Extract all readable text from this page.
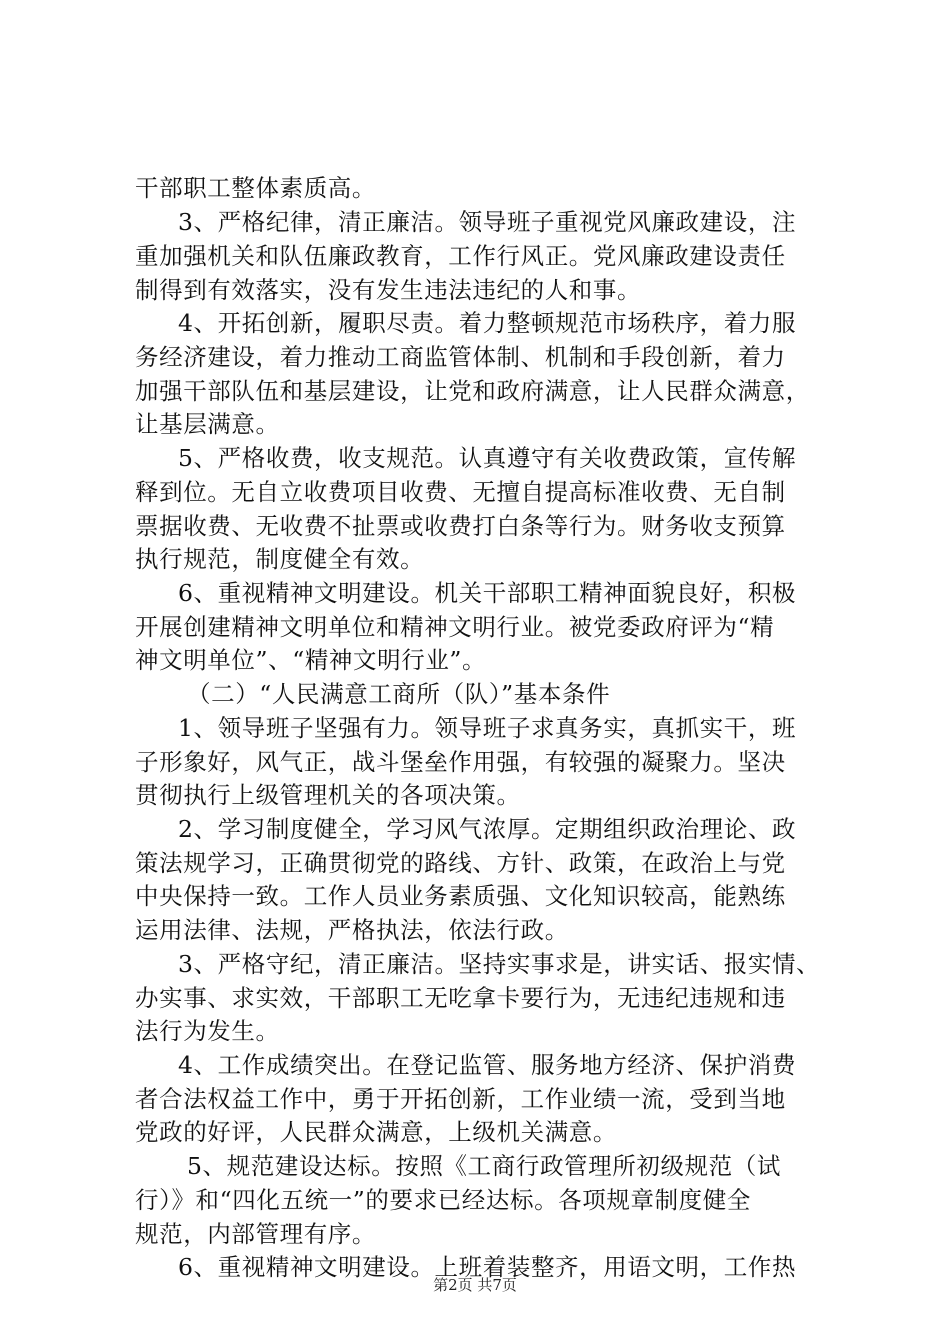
干部职工整体素质高。
3、严格纪律，清正廉洁。领导班子重视党风廉政建设，注
重加强机关和队伍廉政教育，工作行风正。党风廉政建设责任
制得到有效落实，没有发生违法违纪的人和事。
4、开拓创新，履职尽责。着力整顿规范市场秩序，着力服
务经济建设，着力推动工商监管体制、机制和手段创新，着力
加强干部队伍和基层建设，让党和政府满意，让人民群众满意，
让基层满意。
5、严格收费，收支规范。认真遵守有关收费政策，宣传解
释到位。无自立收费项目收费、无擅自提高标准收费、无自制
票据收费、无收费不扯票或收费打白条等行为。财务收支预算
执行规范，制度健全有效。
6、重视精神文明建设。机关干部职工精神面貌良好，积极
开展创建精神文明单位和精神文明行业。被党委政府评为“精
神文明单位”、“精神文明行业”。
（二）“人民满意工商所（队）”基本条件
1、领导班子坚强有力。领导班子求真务实，真抓实干，班
子形象好，风气正，战斗堡垒作用强，有较强的凝聚力。坚决
贯彻执行上级管理机关的各项决策。
2、学习制度健全，学习风气浓厚。定期组织政治理论、政
策法规学习，正确贯彻党的路线、方针、政策，在政治上与党
中央保持一致。工作人员业务素质强、文化知识较高，能熟练
运用法律、法规，严格执法，依法行政。
3、严格守纪，清正廉洁。坚持实事求是，讲实话、报实情、
办实事、求实效，干部职工无吃拿卡要行为，无违纪违规和违
法行为发生。
4、工作成绩突出。在登记监管、服务地方经济、保护消费
者合法权益工作中，勇于开拓创新，工作业绩一流，受到当地
党政的好评，人民群众满意，上级机关满意。
5、规范建设达标。按照《工商行政管理所初级规范（试
行）》和“四化五统一”的要求已经达标。各项规章制度健全
规范，内部管理有序。
6、重视精神文明建设。上班着装整齐，用语文明，工作热
第2页 共7页
